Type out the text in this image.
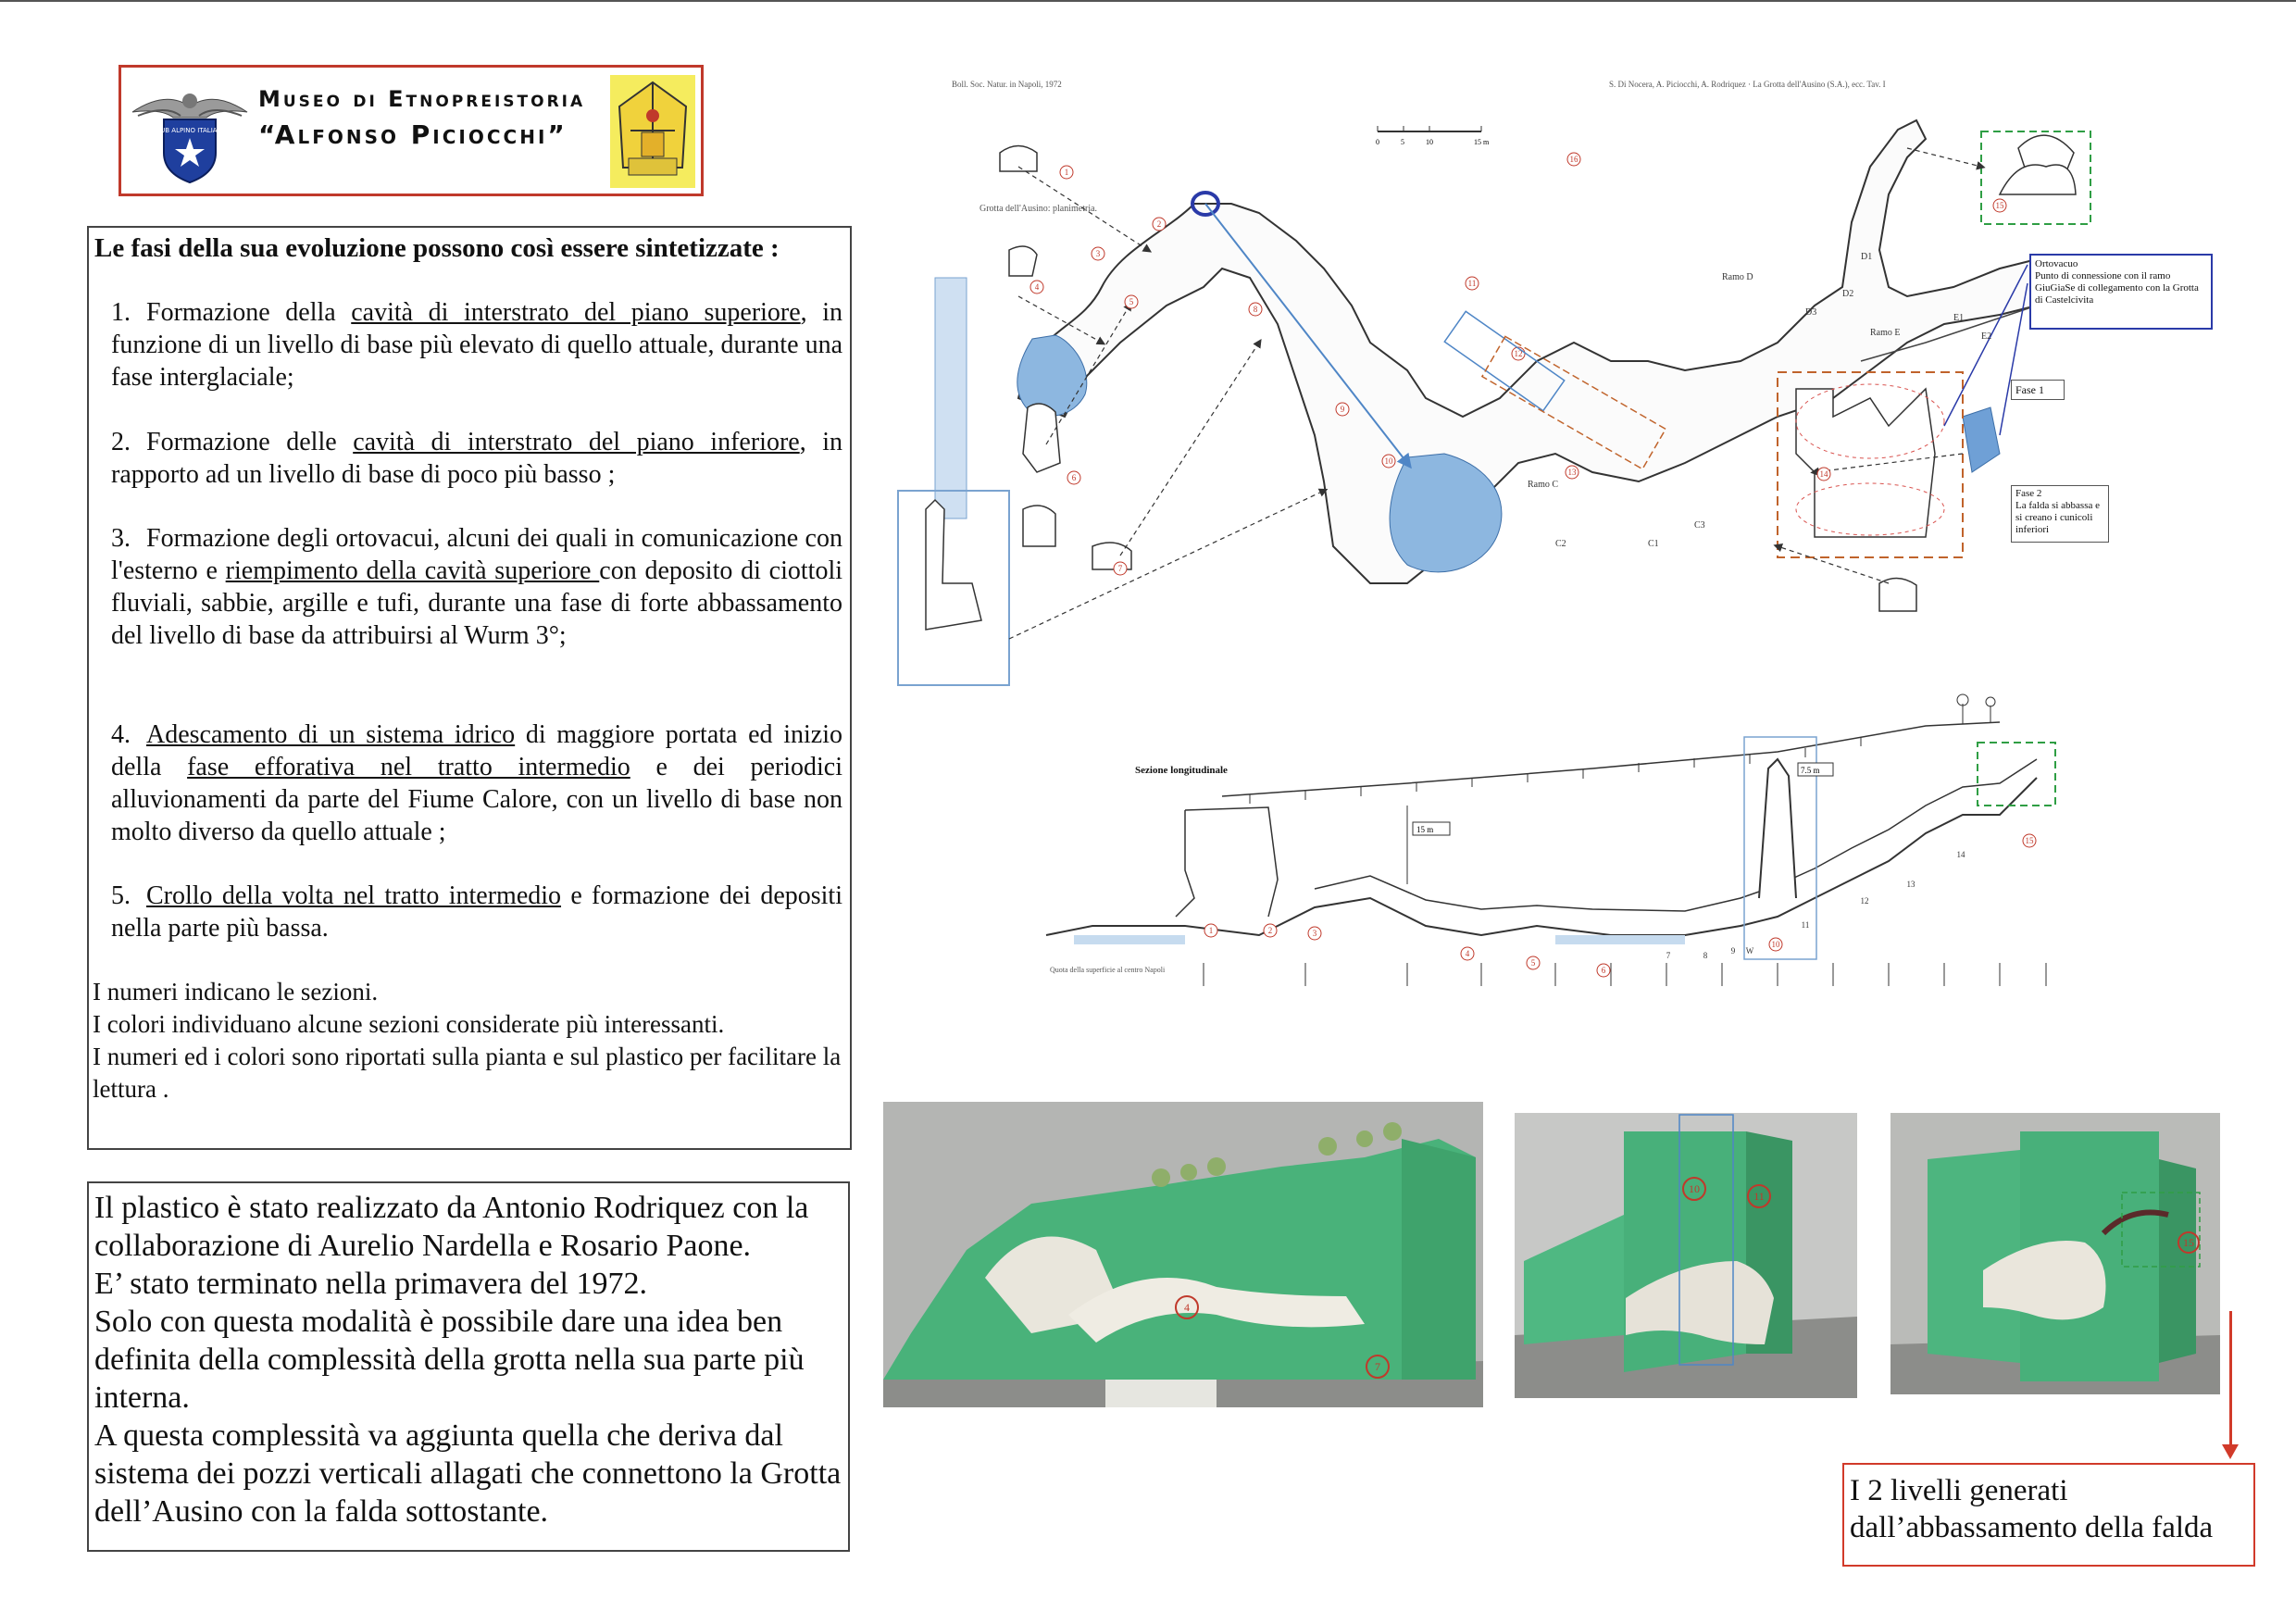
CLUB ALPINO ITALIANO
Museo di Etnopreistoria
“Alfonso Piciocchi”
Le fasi della sua evoluzione possono così essere sintetizzate :
1. Formazione della cavità di interstrato del piano superiore, in funzione di un livello di base più elevato di quello attuale, durante una fase interglaciale;
2. Formazione delle cavità di interstrato del piano inferiore, in rapporto ad un livello di base di poco più basso ;
3. Formazione degli ortovacui, alcuni dei quali in comunicazione con l'esterno e riempimento della cavità superiore con deposito di ciottoli fluviali, sabbie, argille e tufi, durante una fase di forte abbassamento del livello di base da attribuirsi al Wurm 3°;
4. Adescamento di un sistema idrico di maggiore portata ed inizio della fase efforativa nel tratto intermedio e dei periodici alluvionamenti da parte del Fiume Calore, con un livello di base non molto diverso da quello attuale ;
5. Crollo della volta nel tratto intermedio e formazione dei depositi nella parte più bassa.
I numeri indicano le sezioni.
I colori individuano alcune sezioni considerate più interessanti.
I numeri ed i colori sono riportati sulla pianta e sul plastico per facilitare la lettura .
Il plastico è stato realizzato da Antonio Rodriquez con la collaborazione di Aurelio Nardella e Rosario Paone.
E’ stato terminato nella primavera del 1972.
Solo con questa modalità è possibile dare una idea ben definita della complessità della grotta nella sua parte più interna.
A questa complessità va aggiunta quella che deriva dal sistema dei pozzi verticali allagati che connettono la Grotta dell’Ausino con la falda sottostante.
Boll. Soc. Natur. in Napoli, 1972	S. Di Nocera, A. Piciocchi, A. Rodriquez · La Grotta dell'Ausino (S.A.), ecc. Tav. I
Grotta dell'Ausino: planimetria.
0	5	10	15 m
Ramo D
Ramo E
Ramo C
D1
D2
D3
E1
E2
C1
C2
C3
1
2
3
4
5
6
7
8
9
10
11
12
13	14
15
16
Ortovacuo
Punto di connessione con il ramo GiuGiaSe di collegamento con la Grotta di Castelcivita
Fase 1
Fase 2
La falda si abbassa e si creano i cunicoli inferiori
15 m
7.5 m
1	2	3
4
5
6
7	8	9
10
11
12
13
14
15
W
Quota della superficie al centro Napoli
Sezione longitudinale
4
7
10
11
15
I 2 livelli generati
dall’abbassamento della falda
